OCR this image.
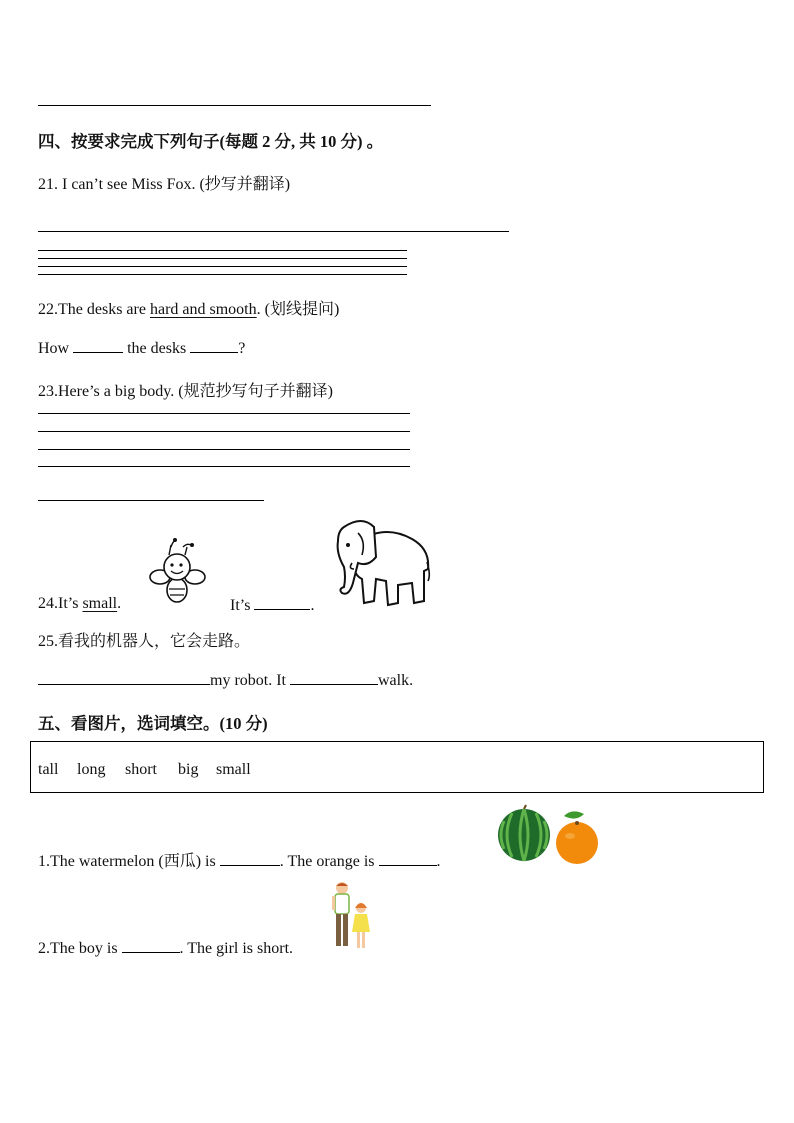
四、按要求完成下列句子(每题 2 分, 共 10 分) 。
21. I can’t see Miss Fox. (抄写并翻译)
22.The desks are hard and smooth. (划线提问)
How	the desks	?
23.Here’s a big body. (规范抄写句子并翻译)
24.It’s small.	It’s	.
25.看我的机器人，它会走路。
my robot. It	walk.
五、看图片，选词填空。(10 分)
tall long short big small
1.The watermelon (西瓜) is	. The orange is	.
2.The boy is	. The girl is short.
